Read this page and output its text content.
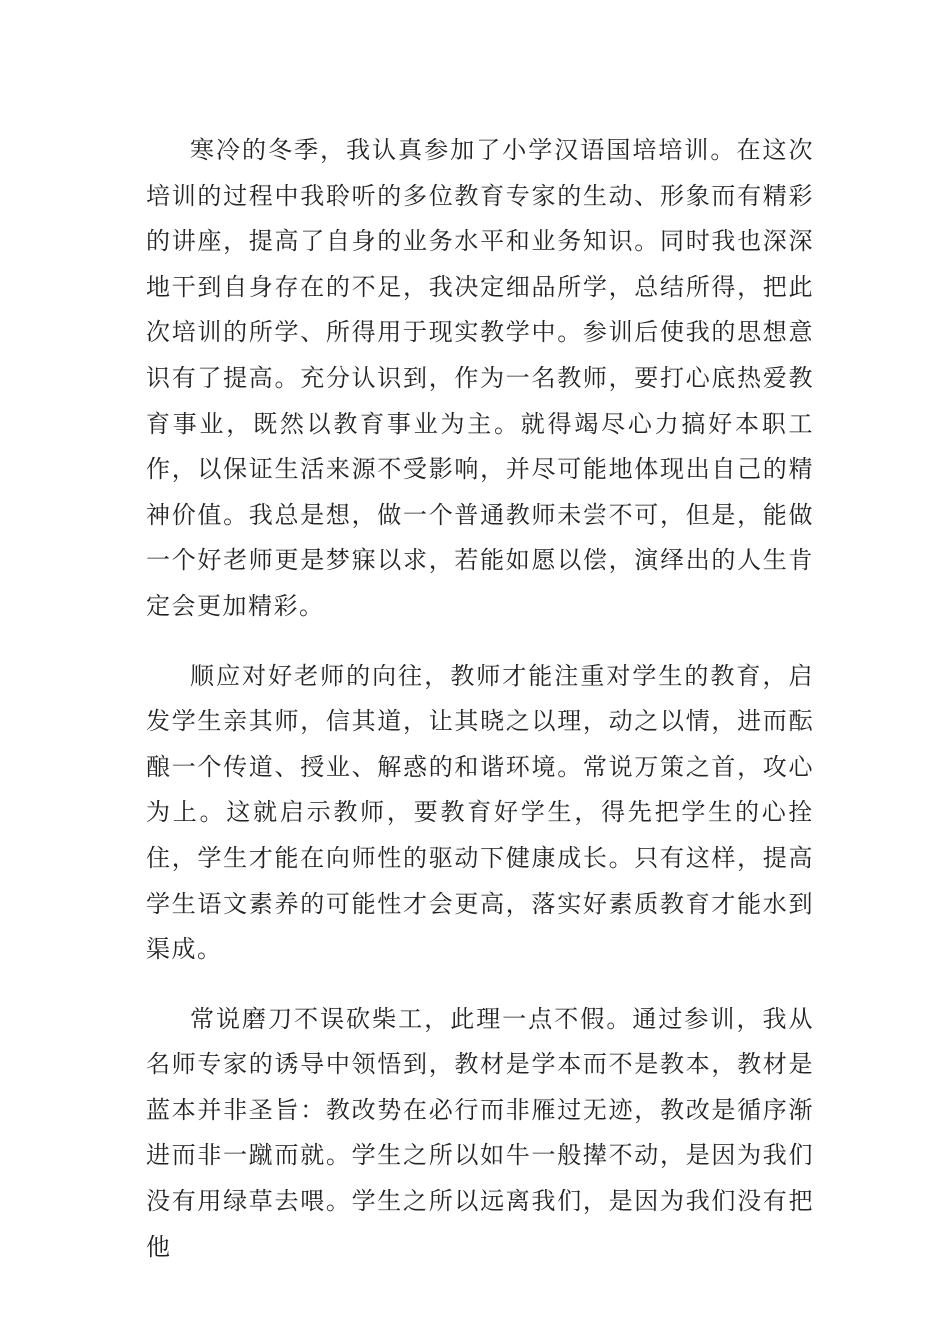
寒冷的冬季，我认真参加了小学汉语国培培训。在这次培训的过程中我聆听的多位教育专家的生动、形象而有精彩的讲座，提高了自身的业务水平和业务知识。同时我也深深地干到自身存在的不足，我决定细品所学，总结所得，把此次培训的所学、所得用于现实教学中。参训后使我的思想意识有了提高。充分认识到，作为一名教师，要打心底热爱教育事业，既然以教育事业为主。就得竭尽心力搞好本职工作，以保证生活来源不受影响，并尽可能地体现出自己的精神价值。我总是想，做一个普通教师未尝不可，但是，能做一个好老师更是梦寐以求，若能如愿以偿，演绎出的人生肯定会更加精彩。

顺应对好老师的向往，教师才能注重对学生的教育，启发学生亲其师，信其道，让其晓之以理，动之以情，进而酝酿一个传道、授业、解惑的和谐环境。常说万策之首，攻心为上。这就启示教师，要教育好学生，得先把学生的心拴住，学生才能在向师性的驱动下健康成长。只有这样，提高学生语文素养的可能性才会更高，落实好素质教育才能水到渠成。

常说磨刀不误砍柴工，此理一点不假。通过参训，我从名师专家的诱导中领悟到，教材是学本而不是教本，教材是蓝本并非圣旨：教改势在必行而非雁过无迹，教改是循序渐进而非一蹴而就。学生之所以如牛一般撵不动，是因为我们没有用绿草去喂。学生之所以远离我们，是因为我们没有把他
